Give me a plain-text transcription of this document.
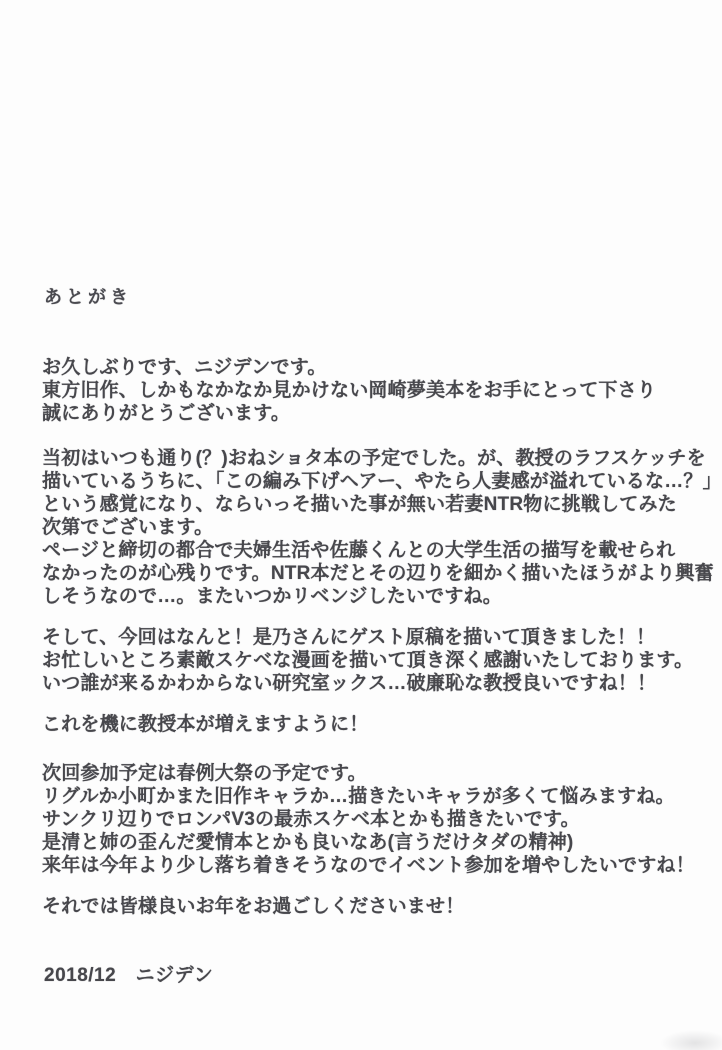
あとがき
お久しぶりです、ニジデンです。
東方旧作、しかもなかなか見かけない岡崎夢美本をお手にとって下さり
誠にありがとうございます。
当初はいつも通り(？)おねショタ本の予定でした。が、教授のラフスケッチを
描いているうちに、「この編み下げヘアー、やたら人妻感が溢れているな…？」
という感覚になり、ならいっそ描いた事が無い若妻NTR物に挑戦してみた
次第でございます。
ページと締切の都合で夫婦生活や佐藤くんとの大学生活の描写を載せられ
なかったのが心残りです。NTR本だとその辺りを細かく描いたほうがより興奮
しそうなので…。またいつかリベンジしたいですね。
そして、今回はなんと！是乃さんにゲスト原稿を描いて頂きました！！
お忙しいところ素敵スケベな漫画を描いて頂き深く感謝いたしております。
いつ誰が来るかわからない研究室ックス…破廉恥な教授良いですね！！
これを機に教授本が増えますように！
次回参加予定は春例大祭の予定です。
リグルか小町かまた旧作キャラか…描きたいキャラが多くて悩みますね。
サンクリ辺りでロンパV3の最赤スケベ本とかも描きたいです。
是清と姉の歪んだ愛情本とかも良いなあ(言うだけタダの精神)
来年は今年より少し落ち着きそうなのでイベント参加を増やしたいですね！
それでは皆様良いお年をお過ごしくださいませ！
2018/12　ニジデン
